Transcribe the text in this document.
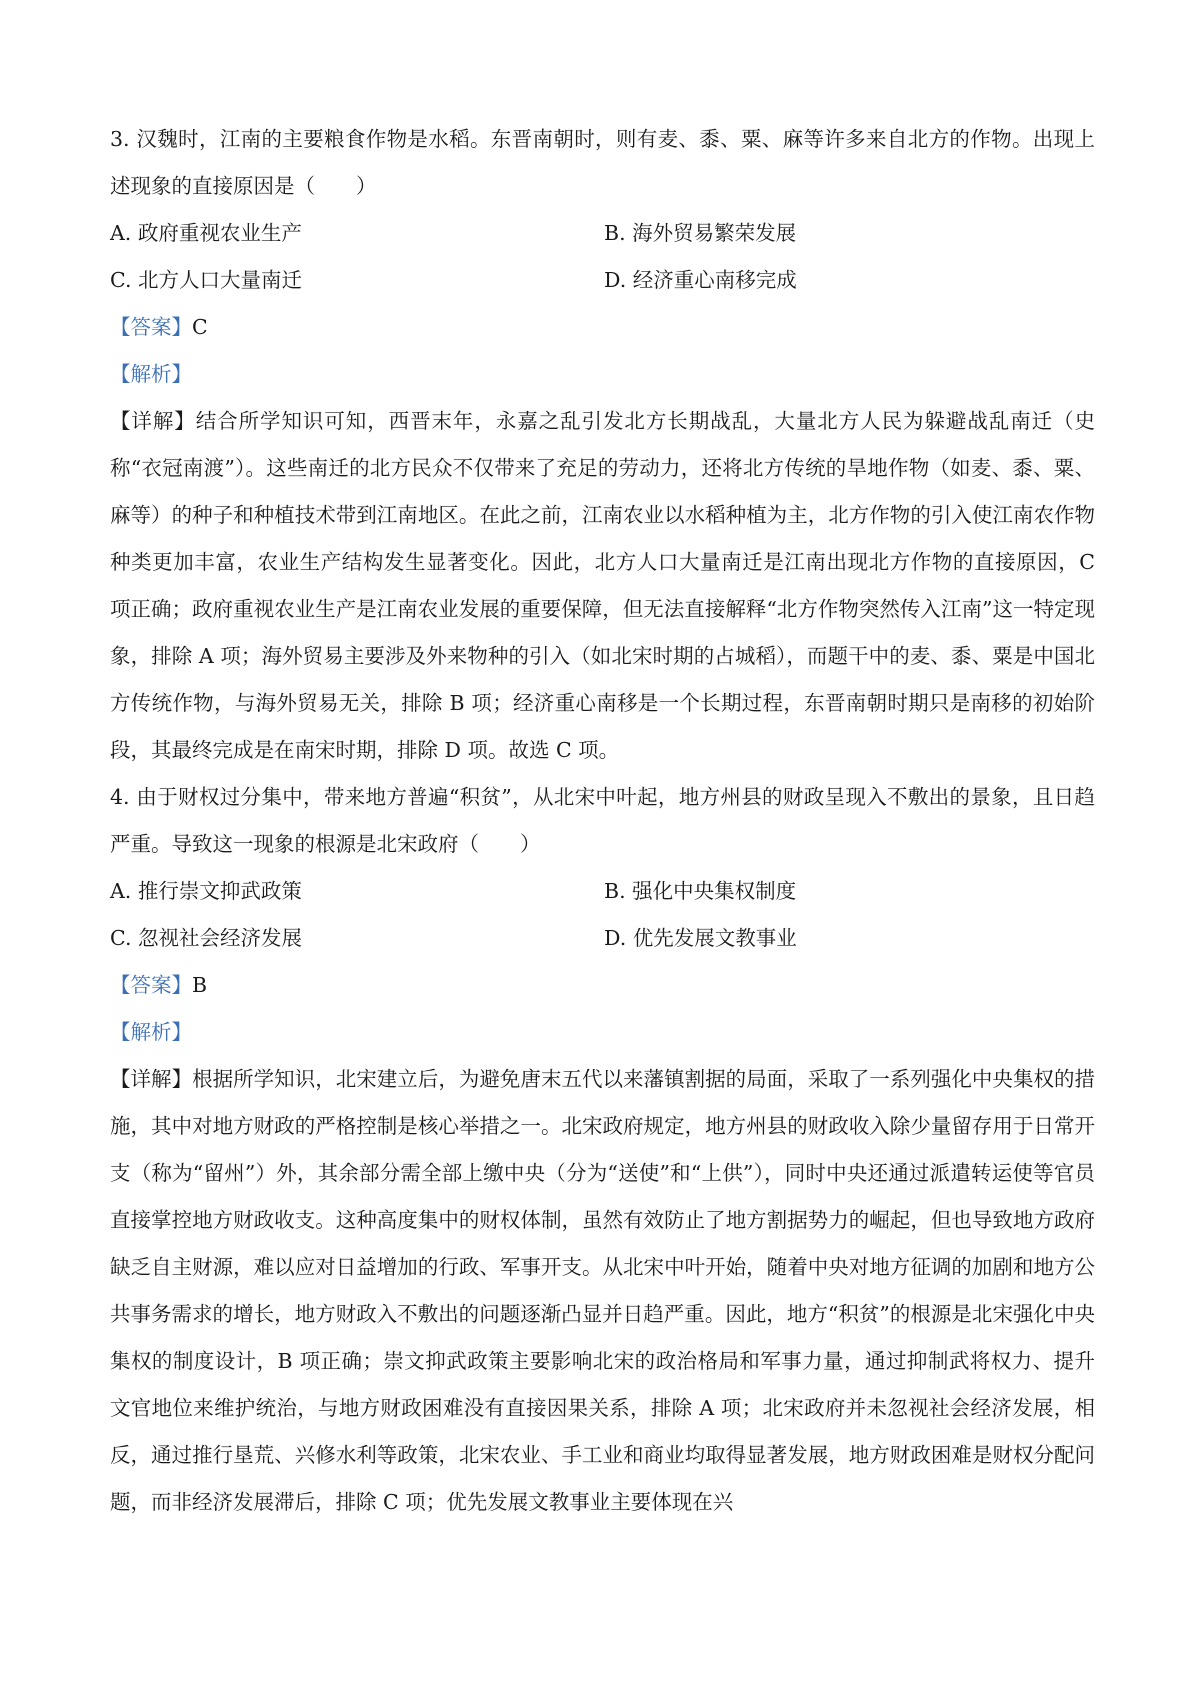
3. 汉魏时，江南的主要粮食作物是水稻。东晋南朝时，则有麦、黍、粟、麻等许多来自北方的作物。出现上述现象的直接原因是（　　）
A. 政府重视农业生产	B. 海外贸易繁荣发展
C. 北方人口大量南迁	D. 经济重心南移完成
【答案】C
【解析】
【详解】结合所学知识可知，西晋末年，永嘉之乱引发北方长期战乱，大量北方人民为躲避战乱南迁（史称“衣冠南渡”）。这些南迁的北方民众不仅带来了充足的劳动力，还将北方传统的旱地作物（如麦、黍、粟、麻等）的种子和种植技术带到江南地区。在此之前，江南农业以水稻种植为主，北方作物的引入使江南农作物种类更加丰富，农业生产结构发生显著变化。因此，北方人口大量南迁是江南出现北方作物的直接原因，C 项正确；政府重视农业生产是江南农业发展的重要保障，但无法直接解释“北方作物突然传入江南”这一特定现象，排除 A 项；海外贸易主要涉及外来物种的引入（如北宋时期的占城稻），而题干中的麦、黍、粟是中国北方传统作物，与海外贸易无关，排除 B 项；经济重心南移是一个长期过程，东晋南朝时期只是南移的初始阶段，其最终完成是在南宋时期，排除 D 项。故选 C 项。
4. 由于财权过分集中，带来地方普遍“积贫”，从北宋中叶起，地方州县的财政呈现入不敷出的景象，且日趋严重。导致这一现象的根源是北宋政府（　　）
A. 推行崇文抑武政策	B. 强化中央集权制度
C. 忽视社会经济发展	D. 优先发展文教事业
【答案】B
【解析】
【详解】根据所学知识，北宋建立后，为避免唐末五代以来藩镇割据的局面，采取了一系列强化中央集权的措施，其中对地方财政的严格控制是核心举措之一。北宋政府规定，地方州县的财政收入除少量留存用于日常开支（称为“留州”）外，其余部分需全部上缴中央（分为“送使”和“上供”），同时中央还通过派遣转运使等官员直接掌控地方财政收支。这种高度集中的财权体制，虽然有效防止了地方割据势力的崛起，但也导致地方政府缺乏自主财源，难以应对日益增加的行政、军事开支。从北宋中叶开始，随着中央对地方征调的加剧和地方公共事务需求的增长，地方财政入不敷出的问题逐渐凸显并日趋严重。因此，地方“积贫”的根源是北宋强化中央集权的制度设计，B 项正确；崇文抑武政策主要影响北宋的政治格局和军事力量，通过抑制武将权力、提升文官地位来维护统治，与地方财政困难没有直接因果关系，排除 A 项；北宋政府并未忽视社会经济发展，相反，通过推行垦荒、兴修水利等政策，北宋农业、手工业和商业均取得显著发展，地方财政困难是财权分配问题，而非经济发展滞后，排除 C 项；优先发展文教事业主要体现在兴
